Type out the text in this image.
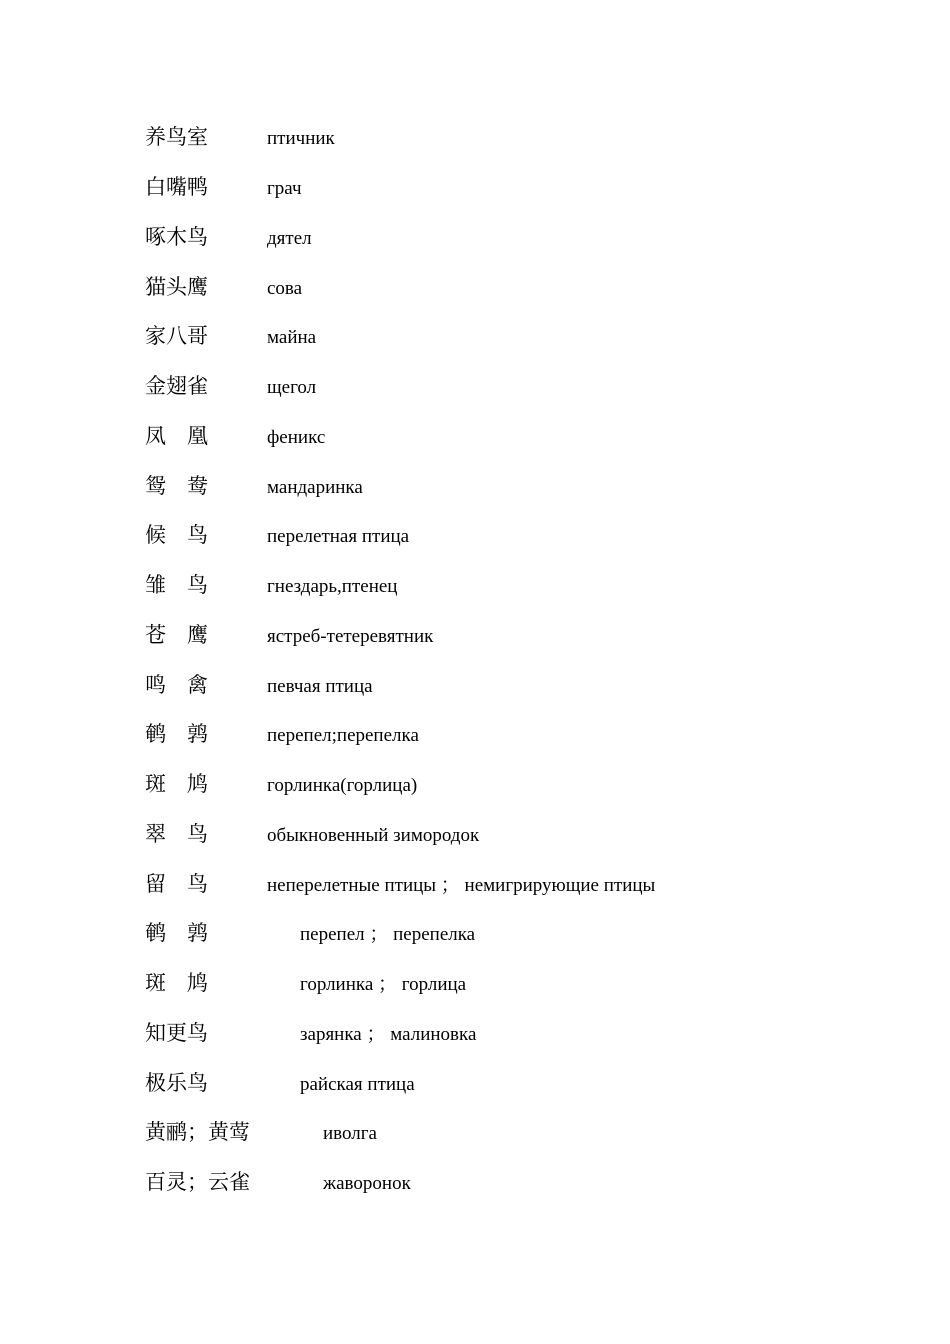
养鸟室	птичник
白嘴鸭	грач
啄木鸟	дятел
猫头鹰	сова
家八哥	майна
金翅雀	щегол
凤　凰	феникс
鸳　鸯	мандаринка
候　鸟	перелетная птица
雏　鸟	гнездарь,птенец
苍　鹰	ястреб-тетеревятник
鸣　禽	певчая птица
鹌　鹑	перепел;перепелка
斑　鸠	горлинка(горлица)
翠　鸟	обыкновенный зимородок
留　鸟	неперелетные птицы ； немигрирующие птицы
鹌　鹑	перепел ； перепелка
斑　鸠	горлинка ； горлица
知更鸟	зарянка ； малиновка
极乐鸟	райская птица
黄鹂；黄莺	иволга
百灵；云雀	жаворонок
